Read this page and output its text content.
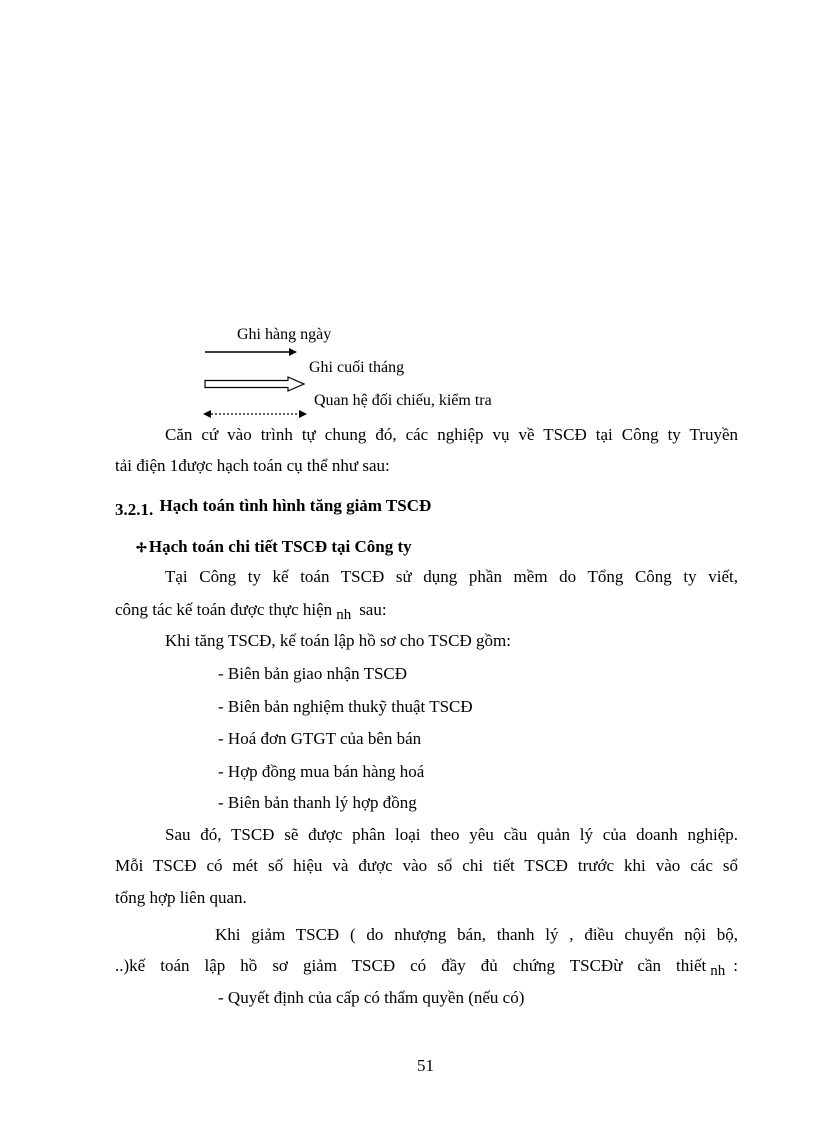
Ghi hàng ngày
Ghi cuối tháng
Quan hệ đối chiếu, kiểm tra
Căn cứ vào trình tự chung đó, các nghiệp vụ về TSCĐ tại Công ty Truyền
tải điện 1được hạch toán cụ thể như sau:
3.2.1. Hạch toán tình hình tăng giảm TSCĐ
✢ Hạch toán chi tiết TSCĐ tại Công ty
Tại Công ty kế toán TSCĐ sử dụng phần mềm do Tổng Công ty viết,
công tác kế toán được thực hiện nh sau:
Khi tăng TSCĐ, kế toán lập hồ sơ cho TSCĐ gồm:
- Biên bản giao nhận TSCĐ
- Biên bản nghiệm thukỹ thuật TSCĐ
- Hoá đơn GTGT của bên bán
- Hợp đồng mua bán hàng hoá
- Biên bản thanh lý hợp đồng
Sau đó, TSCĐ sẽ được phân loại theo yêu cầu quản lý của doanh nghiệp.
Mỗi TSCĐ có mét số hiệu và được vào sổ chi tiết TSCĐ trước khi vào các sổ
tổng hợp liên quan.
Khi giảm TSCĐ ( do nhượng bán, thanh lý , điều chuyển nội bộ,
..)kế toán lập hồ sơ giảm TSCĐ có đầy đủ chứng TSCĐừ cần thiết nh :
- Quyết định của cấp có thẩm quyền (nếu có)
51
